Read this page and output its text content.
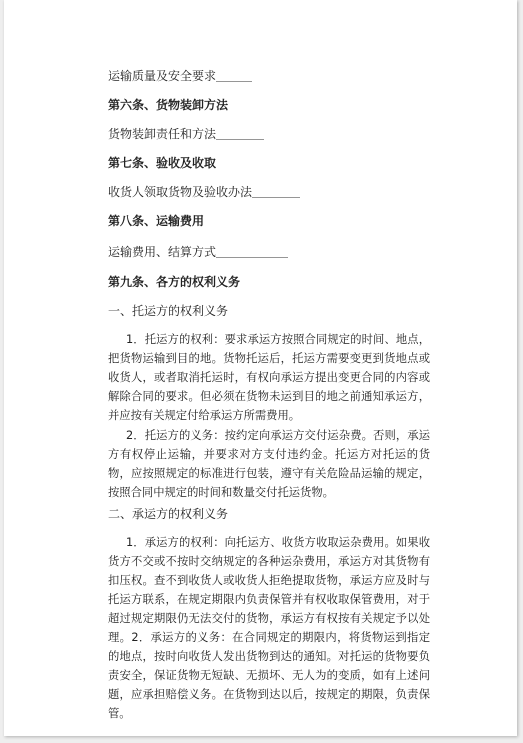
运输质量及安全要求＿＿＿
第六条、货物装卸方法
货物装卸责任和方法＿＿＿＿
第七条、验收及收取
收货人领取货物及验收办法＿＿＿＿
第八条、运输费用
运输费用、结算方式＿＿＿＿＿＿
第九条、各方的权利义务
一、托运方的权利义务
1．托运方的权利：要求承运方按照合同规定的时间、地点，把货物运输到目的地。货物托运后，托运方需要变更到货地点或收货人，或者取消托运时，有权向承运方提出变更合同的内容或解除合同的要求。但必须在货物未运到目的地之前通知承运方，并应按有关规定付给承运方所需费用。
2．托运方的义务：按约定向承运方交付运杂费。否则，承运方有权停止运输，并要求对方支付违约金。托运方对托运的货物，应按照规定的标准进行包装，遵守有关危险品运输的规定，按照合同中规定的时间和数量交付托运货物。
二、承运方的权利义务
1．承运方的权利：向托运方、收货方收取运杂费用。如果收货方不交或不按时交纳规定的各种运杂费用，承运方对其货物有扣压权。查不到收货人或收货人拒绝提取货物，承运方应及时与托运方联系，在规定期限内负责保管并有权收取保管费用，对于超过规定期限仍无法交付的货物，承运方有权按有关规定予以处理。2．承运方的义务：在合同规定的期限内，将货物运到指定的地点，按时向收货人发出货物到达的通知。对托运的货物要负责安全，保证货物无短缺、无损坏、无人为的变质，如有上述问题，应承担赔偿义务。在货物到达以后，按规定的期限，负责保管。
